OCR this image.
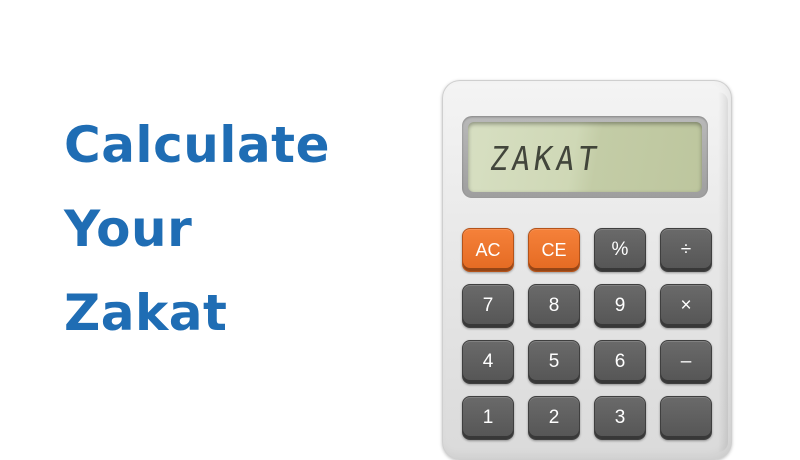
Calculate
Your
Zakat
ZAKAT
AC	CE	%	÷
7	8	9	×
4	5	6	–
1	2	3
